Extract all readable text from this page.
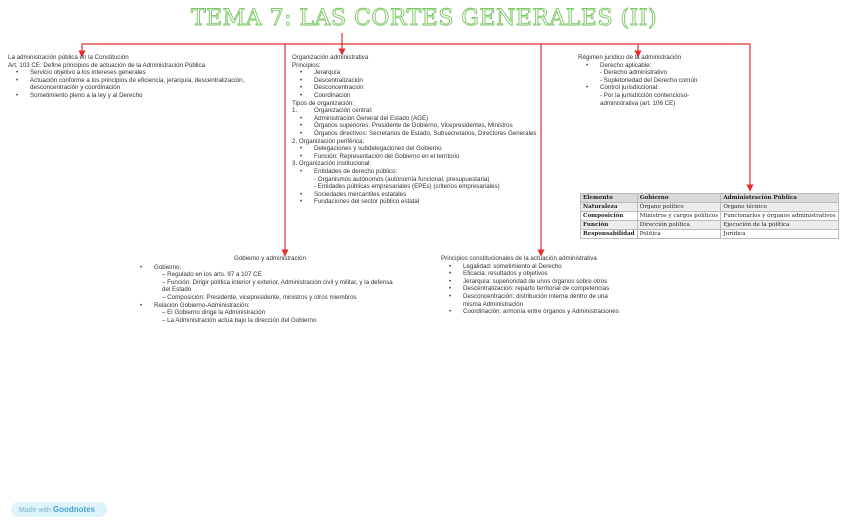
TEMA 7: LAS CORTES GENERALES (II)

La administración pública en la Constitución

Art. 103 CE: Define principios de actuación de la Administración Pública

• Servicio objetivo a los intereses generales

• Actuación conforme a los principios de eficiencia, jerarquía, descentralización, desconcentración y coordinación

• Sometimiento pleno a la ley y al Derecho

Organización administrativa

Principios:

• Jerarquía

• Descentralización

• Desconcentración

• Coordinación

Tipos de organización:

1.	Organización central:

• Administración General del Estado (AGE)

• Órganos superiores: Presidente de Gobierno, Vicepresidentes, Ministros

• Órganos directivos: Secretarios de Estado, Subsecretarios, Directores Generales

2. Organización periférica:

• Delegaciones y subdelegaciones del Gobierno

• Función: Representación del Gobierno en el territorio

3. Organización institucional:

• Entidades de derecho público:

- Organismos autónomos (autonomía funcional, presupuestaria)

- Entidades públicas empresariales (EPEs) (criterios empresariales)

• Sociedades mercantiles estatales

• Fundaciones del sector público estatal

Régimen jurídico de la administración

• Derecho aplicable:

- Derecho administrativo

- Supletoriedad del Derecho común

• Control jurisdiccional:

- Por la jurisdicción contencioso-administrativa (art. 106 CE)

Elemento	Gobierno	Administración Pública
Naturaleza	Órgano político	Órgano técnico
Composición	Ministros y cargos políticos	Funcionarios y órganos administrativos
Función	Dirección política	Ejecución de la política
Responsabilidad	Política	Jurídica

Gobierno y administración

• Gobierno:

– Regulado en los arts. 97 a 107 CE

– Función: Dirigir política interior y exterior, Administración civil y militar, y la defensa del Estado

– Composición: Presidente, vicepresidente, ministros y otros miembros

• Relación Gobierno-Administración:

– El Gobierno dirige la Administración

– La Administración actúa bajo la dirección del Gobierno

Principios constitucionales de la actuación administrativa

• Legalidad: sometimiento al Derecho

• Eficacia: resultados y objetivos

• Jerarquía: superioridad de unos órganos sobre otros

• Descentralización: reparto territorial de competencias

• Desconcentración: distribución interna dentro de una misma Administración

• Coordinación: armonía entre órganos y Administraciones

Made with Goodnotes
